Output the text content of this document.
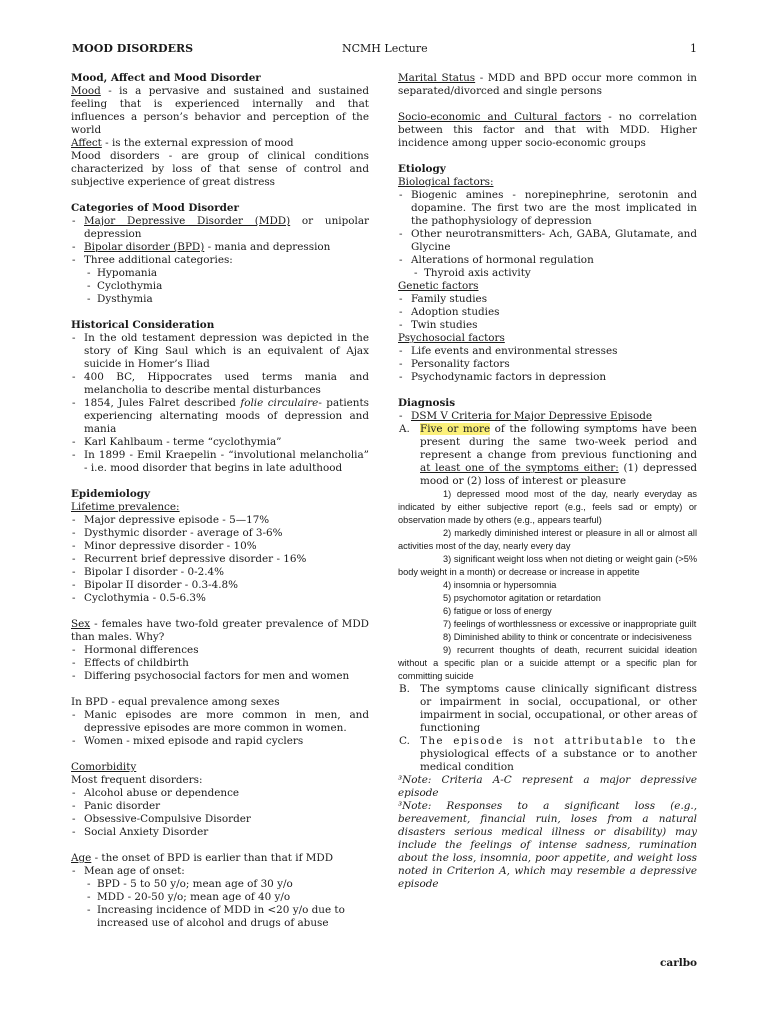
MOOD DISORDERS	NCMH Lecture	1

Mood, Affect and Mood Disorder

Mood - is a pervasive and sustained and sustained feeling that is experienced internally and that influences a person’s behavior and perception of the world

Affect - is the external expression of mood

Mood disorders - are group of clinical conditions characterized by loss of that sense of control and subjective experience of great distress

Categories of Mood Disorder

- Major Depressive Disorder (MDD) or unipolar depression
- Bipolar disorder (BPD) - mania and depression
- Three additional categories:
- Hypomania
- Cyclothymia
- Dysthymia

Historical Consideration

- In the old testament depression was depicted in the story of King Saul which is an equivalent of Ajax suicide in Homer’s Iliad
- 400 BC, Hippocrates used terms mania and melancholia to describe mental disturbances
- 1854, Jules Falret described folie circulaire- patients experiencing alternating moods of depression and mania
- Karl Kahlbaum - terme “cyclothymia”
- In 1899 - Emil Kraepelin - “involutional melancholia” - i.e. mood disorder that begins in late adulthood

Epidemiology

Lifetime prevalence:

- Major depressive episode - 5—17%
- Dysthymic disorder - average of 3-6%
- Minor depressive disorder - 10%
- Recurrent brief depressive disorder - 16%
- Bipolar I disorder - 0-2.4%
- Bipolar II disorder - 0.3-4.8%
- Cyclothymia - 0.5-6.3%

Sex - females have two-fold greater prevalence of MDD than males. Why?

- Hormonal differences
- Effects of childbirth
- Differing psychosocial factors for men and women

In BPD - equal prevalence among sexes

- Manic episodes are more common in men, and depressive episodes are more common in women.
- Women - mixed episode and rapid cyclers

Comorbidity

Most frequent disorders:

- Alcohol abuse or dependence
- Panic disorder
- Obsessive-Compulsive Disorder
- Social Anxiety Disorder

Age - the onset of BPD is earlier than that if MDD

- Mean age of onset:
- BPD - 5 to 50 y/o; mean age of 30 y/o
- MDD - 20-50 y/o; mean age of 40 y/o
- Increasing incidence of MDD in <20 y/o due to increased use of alcohol and drugs of abuse

Marital Status - MDD and BPD occur more common in separated/divorced and single persons

Socio-economic and Cultural factors - no correlation between this factor and that with MDD. Higher incidence among upper socio-economic groups

Etiology

Biological factors:

- Biogenic amines - norepinephrine, serotonin and dopamine. The first two are the most implicated in the pathophysiology of depression
- Other neurotransmitters- Ach, GABA, Glutamate, and Glycine
- Alterations of hormonal regulation
- Thyroid axis activity

Genetic factors

- Family studies
- Adoption studies
- Twin studies

Psychosocial factors

- Life events and environmental stresses
- Personality factors
- Psychodynamic factors in depression

Diagnosis

- DSM V Criteria for Major Depressive Episode
A. Five or more of the following symptoms have been present during the same two-week period and represent a change from previous functioning and at least one of the symptoms either: (1) depressed mood or (2) loss of interest or pleasure

1) depressed mood most of the day, nearly everyday as indicated by either subjective report (e.g., feels sad or empty) or observation made by others (e.g., appears tearful)

2) markedly diminished interest or pleasure in all or almost all activities most of the day, nearly every day

3) significant weight loss when not dieting or weight gain (>5% body weight in a month) or decrease or increase in appetite

4) insomnia or hypersomnia

5) psychomotor agitation or retardation

6) fatigue or loss of energy

7) feelings of worthlessness or excessive or inappropriate guilt

8) Diminished ability to think or concentrate or indecisiveness

9) recurrent thoughts of death, recurrent suicidal ideation without a specific plan or a suicide attempt or a specific plan for committing suicide

B. The symptoms cause clinically significant distress or impairment in social, occupational, or other impairment in social, occupational, or other areas of functioning
C. The episode is not attributable to the physiological effects of a substance or to another medical condition

³Note: Criteria A-C represent a major depressive episode

³Note: Responses to a significant loss (e.g., bereavement, financial ruin, loses from a natural disasters serious medical illness or disability) may include the feelings of intense sadness, rumination about the loss, insomnia, poor appetite, and weight loss noted in Criterion A, which may resemble a depressive episode

carlbo
